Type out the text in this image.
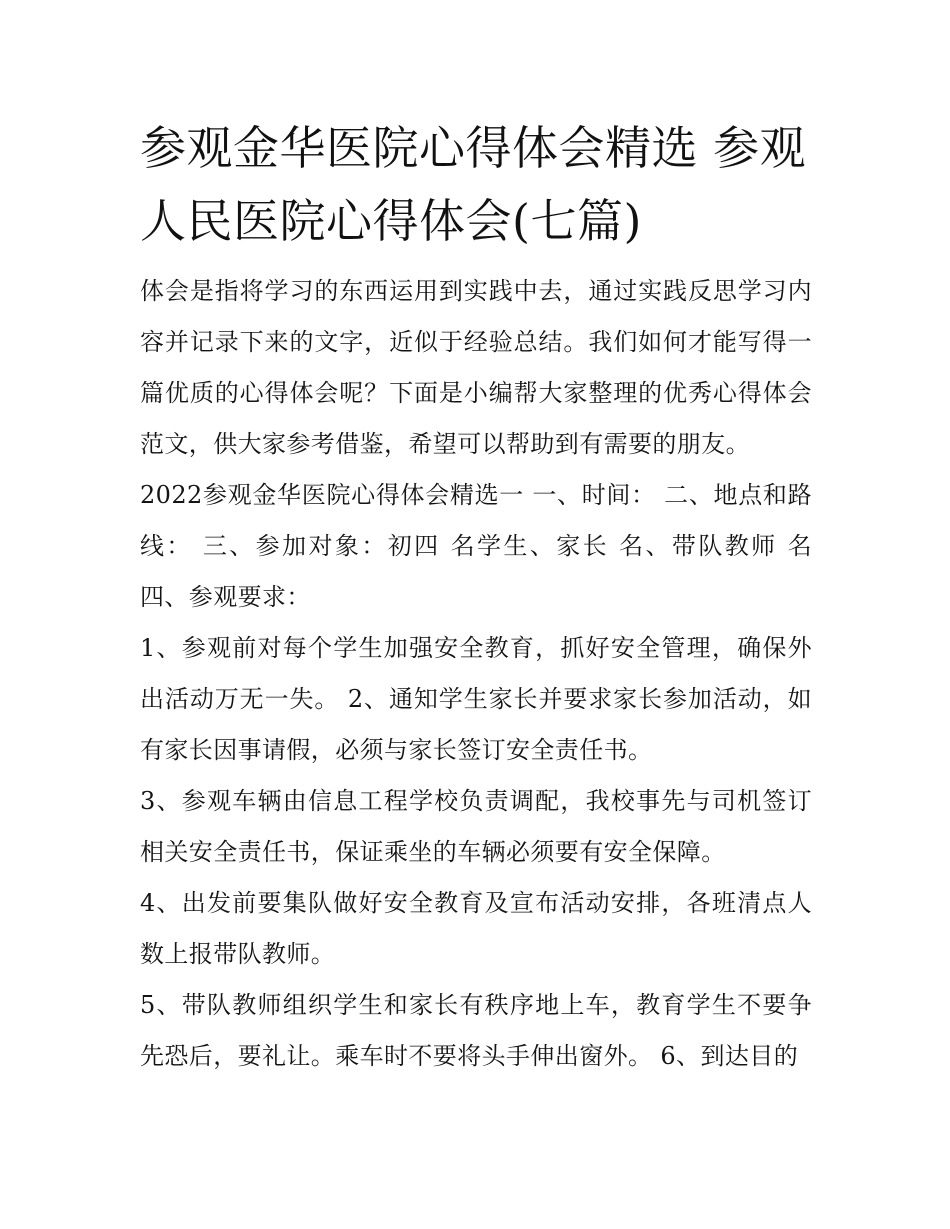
参观金华医院心得体会精选 参观人民医院心得体会(七篇)

体会是指将学习的东西运用到实践中去，通过实践反思学习内容并记录下来的文字，近似于经验总结。我们如何才能写得一篇优质的心得体会呢？下面是小编帮大家整理的优秀心得体会范文，供大家参考借鉴，希望可以帮助到有需要的朋友。

2022参观金华医院心得体会精选一 一、时间： 二、地点和路线： 三、参加对象：初四 名学生、家长 名、带队教师 名 四、参观要求：

1、参观前对每个学生加强安全教育，抓好安全管理，确保外出活动万无一失。 2、通知学生家长并要求家长参加活动，如有家长因事请假，必须与家长签订安全责任书。

3、参观车辆由信息工程学校负责调配，我校事先与司机签订相关安全责任书，保证乘坐的车辆必须要有安全保障。

4、出发前要集队做好安全教育及宣布活动安排，各班清点人数上报带队教师。

5、带队教师组织学生和家长有秩序地上车，教育学生不要争先恐后，要礼让。乘车时不要将头手伸出窗外。 6、到达目的
